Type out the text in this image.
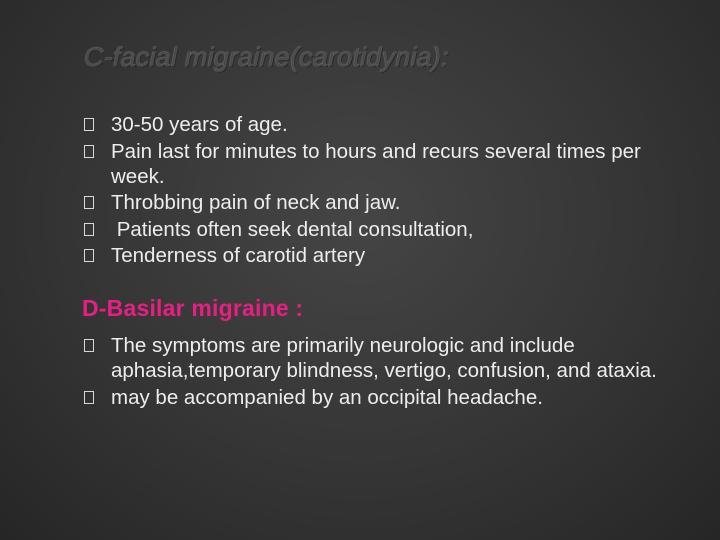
C-facial migraine(carotidynia):
30-50 years of age.
Pain last for minutes to hours and recurs several times per week.
Throbbing pain of neck and jaw.
Patients often seek dental consultation,
Tenderness of carotid artery
D-Basilar migraine :
The symptoms are primarily neurologic and include aphasia,temporary blindness, vertigo, confusion, and ataxia.
may be accompanied by an occipital headache.
